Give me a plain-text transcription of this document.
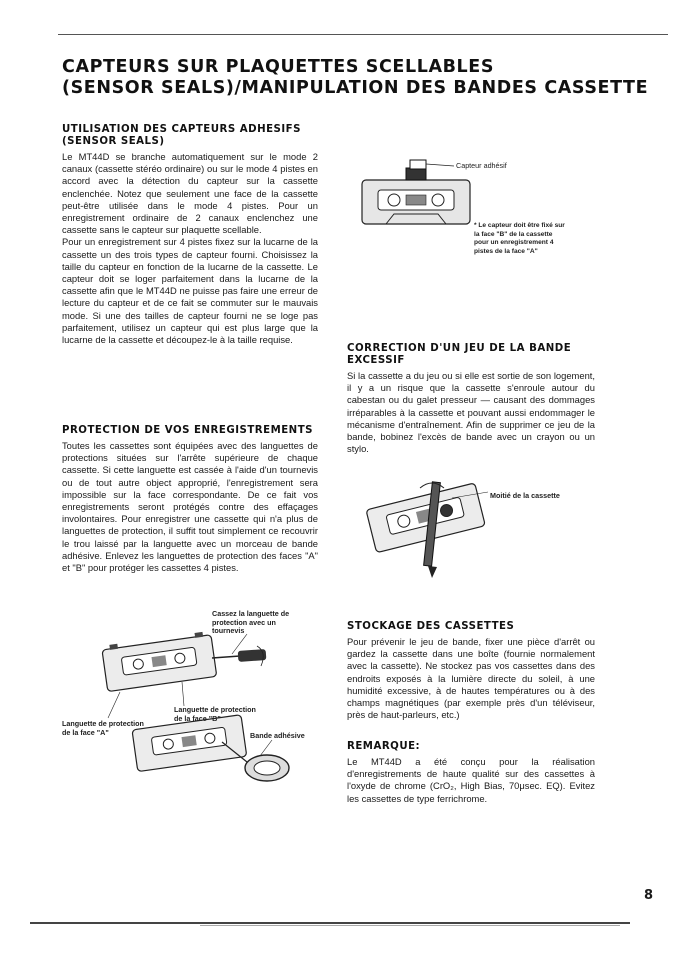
CAPTEURS SUR PLAQUETTES SCELLABLES
(SENSOR SEALS)/MANIPULATION DES BANDES CASSETTE
UTILISATION DES CAPTEURS ADHESIFS
(SENSOR SEALS)

Le MT44D se branche automatiquement sur le mode 2 canaux (cassette stéréo ordinaire) ou sur le mode 4 pistes en accord avec la détection du capteur sur la cassette enclenchée. Notez que seulement une face de la cassette peut-être utilisée dans le mode 4 pistes. Pour un enregistrement ordinaire de 2 canaux enclenchez une cassette sans le capteur sur plaquette scellable.

Pour un enregistrement sur 4 pistes fixez sur la lucarne de la cassette un des trois types de capteur fourni. Choisissez la taille du capteur en fonction de la lucarne de la cassette. Le capteur doit se loger parfaitement dans la lucarne de la cassette afin que le MT44D ne puisse pas faire une erreur de lecture du capteur et de ce fait se commuter sur le mauvais mode. Si une des tailles de capteur fourni ne se loge pas parfaitement, utilisez un capteur qui est plus large que la lucarne de la cassette et découpez-le à la taille requise.

PROTECTION DE VOS ENREGISTREMENTS

Toutes les cassettes sont équipées avec des languettes de protections situées sur l'arrête supérieure de chaque cassette. Si cette languette est cassée à l'aide d'un tournevis ou de tout autre object approprié, l'enregistrement sera impossible sur la face correspondante. De ce fait vos enregistrements seront protégés contre des effaçages involontaires. Pour enregistrer une cassette qui n'a plus de languettes de protection, il suffit tout simplement ce recouvrir le trou laissé par la languette avec un morceau de bande adhésive. Enlevez les languettes de protection des faces "A" et "B" pour protéger les cassettes 4 pistes.

CORRECTION D'UN JEU DE LA BANDE
EXCESSIF

Si la cassette a du jeu ou si elle est sortie de son logement, il y a un risque que la cassette s'enroule autour du cabestan ou du galet presseur — causant des dommages irréparables à la cassette et pouvant aussi endommager le mécanisme d'entraînement. Afin de supprimer ce jeu de la bande, bobinez l'excès de bande avec un crayon ou un stylo.

STOCKAGE DES CASSETTES

Pour prévenir le jeu de bande, fixer une pièce d'arrêt ou gardez la cassette dans une boîte (fournie normalement avec la cassette). Ne stockez pas vos cassettes dans des endroits exposés à la lumière directe du soleil, à une humidité excessive, à de hautes températures ou à des champs magnétiques (par exemple près d'un téléviseur, près de haut-parleurs, etc.)

REMARQUE:

Le MT44D a été conçu pour la réalisation d'enregistrements de haute qualité sur des cassettes à l'oxyde de chrome (CrO₂, High Bias, 70μsec. EQ). Evitez les cassettes de type ferrichrome.

Capteur adhésif
* Le capteur doit être fixé sur
la face "B" de la cassette
pour un enregistrement 4
pistes de la face "A"
Cassez la languette de
protection avec un
tournevis
Languette de protection
de la face "B"
Languette de protection
de la face "A"	Bande adhésive
Moitié de la cassette
8
